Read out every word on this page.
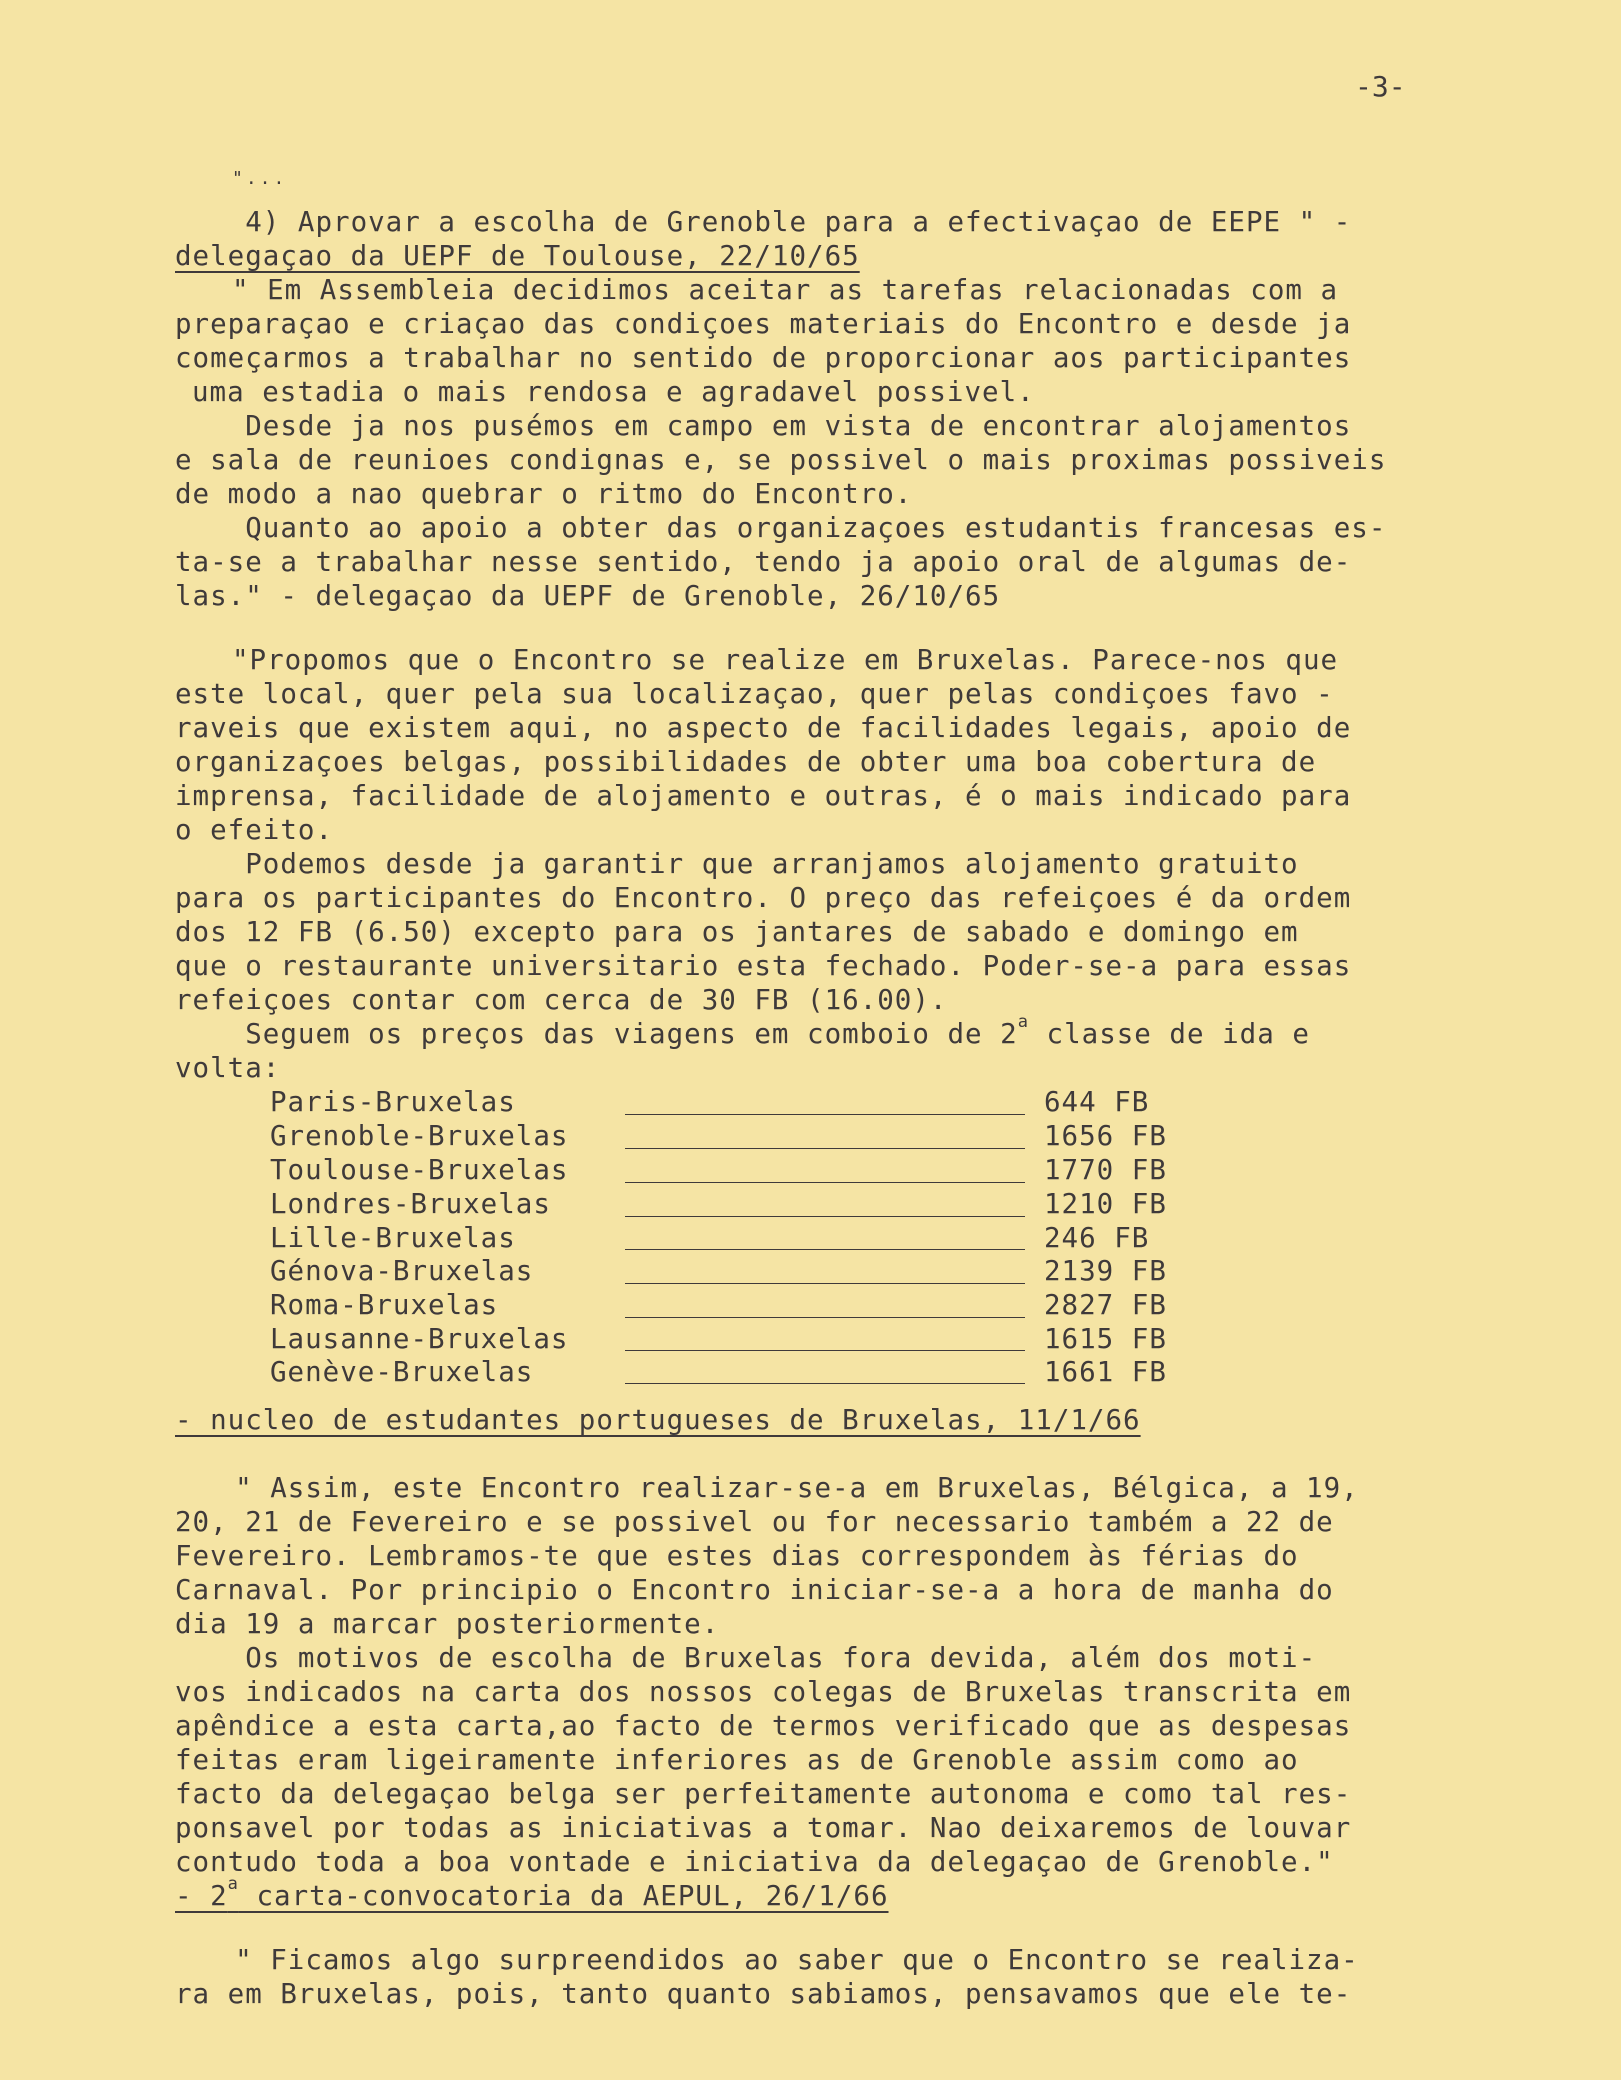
-3-
"...
4) Aprovar a escolha de Grenoble para a efectivaçao de EEPE " -
delegaçao da UEPF de Toulouse, 22/10/65
" Em Assembleia decidimos aceitar as tarefas relacionadas com a
preparaçao e criaçao das condiçoes materiais do Encontro e desde ja
começarmos a trabalhar no sentido de proporcionar aos participantes
uma estadia o mais rendosa e agradavel possivel.
Desde ja nos pusémos em campo em vista de encontrar alojamentos
e sala de reunioes condignas e, se possivel o mais proximas possiveis
de modo a nao quebrar o ritmo do Encontro.
Quanto ao apoio a obter das organizaçoes estudantis francesas es-
ta-se a trabalhar nesse sentido, tendo ja apoio oral de algumas de-
las." - delegaçao da UEPF de Grenoble, 26/10/65
"Propomos que o Encontro se realize em Bruxelas. Parece-nos que
este local, quer pela sua localizaçao, quer pelas condiçoes favo -
raveis que existem aqui, no aspecto de facilidades legais, apoio de
organizaçoes belgas, possibilidades de obter uma boa cobertura de
imprensa, facilidade de alojamento e outras, é o mais indicado para
o efeito.
Podemos desde ja garantir que arranjamos alojamento gratuito
para os participantes do Encontro. O preço das refeiçoes é da ordem
dos 12 FB (6.50) excepto para os jantares de sabado e domingo em
que o restaurante universitario esta fechado. Poder-se-a para essas
refeiçoes contar com cerca de 30 FB (16.00).
Seguem os preços das viagens em comboio de 2$^a$ classe de ida e
volta:
Paris-Bruxelas	644 FB
Grenoble-Bruxelas	1656 FB
Toulouse-Bruxelas	1770 FB
Londres-Bruxelas	1210 FB
Lille-Bruxelas	246 FB
Génova-Bruxelas	2139 FB
Roma-Bruxelas	2827 FB
Lausanne-Bruxelas	1615 FB
Genève-Bruxelas	1661 FB
- nucleo de estudantes portugueses de Bruxelas, 11/1/66
" Assim, este Encontro realizar-se-a em Bruxelas, Bélgica, a 19,
20, 21 de Fevereiro e se possivel ou for necessario também a 22 de
Fevereiro. Lembramos-te que estes dias correspondem às férias do
Carnaval. Por principio o Encontro iniciar-se-a a hora de manha do
dia 19 a marcar posteriormente.
Os motivos de escolha de Bruxelas fora devida, além dos moti-
vos indicados na carta dos nossos colegas de Bruxelas transcrita em
apêndice a esta carta,ao facto de termos verificado que as despesas
feitas eram ligeiramente inferiores as de Grenoble assim como ao
facto da delegaçao belga ser perfeitamente autonoma e como tal res-
ponsavel por todas as iniciativas a tomar. Nao deixaremos de louvar
contudo toda a boa vontade e iniciativa da delegaçao de Grenoble."
- 2$^a$ carta-convocatoria da AEPUL, 26/1/66
" Ficamos algo surpreendidos ao saber que o Encontro se realiza-
ra em Bruxelas, pois, tanto quanto sabiamos, pensavamos que ele te-
